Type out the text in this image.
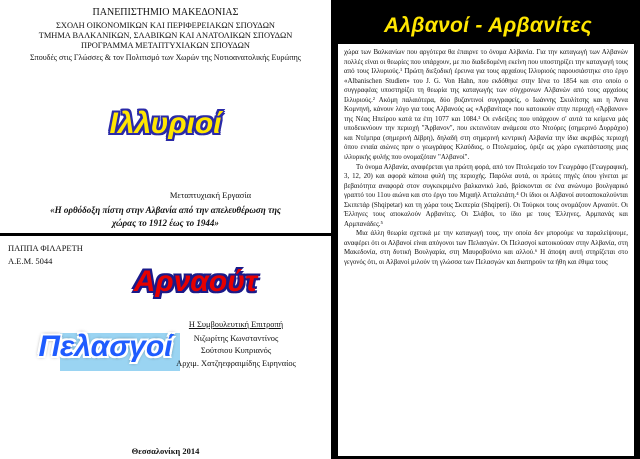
ΠΑΝΕΠΙΣΤΗΜΙΟ ΜΑΚΕΔΟΝΙΑΣ
ΣΧΟΛΗ ΟΙΚΟΝΟΜΙΚΩΝ ΚΑΙ ΠΕΡΙΦΕΡΕΙΑΚΩΝ ΣΠΟΥΔΩΝ
ΤΜΗΜΑ ΒΑΛΚΑΝΙΚΩΝ, ΣΛΑΒΙΚΩΝ ΚΑΙ ΑΝΑΤΟΛΙΚΩΝ ΣΠΟΥΔΩΝ
ΠΡΟΓΡΑΜΜΑ ΜΕΤΑΠΤΥΧΙΑΚΩΝ ΣΠΟΥΔΩΝ
Σπουδές στις Γλώσσες & τον Πολιτισμό των Χωρών της Νοτιοανατολικής Ευρώπης
Ιλλυριοί
Μεταπτυχιακή Εργασία
«Η ορθόδοξη πίστη στην Αλβανία από την απελευθέρωση της
χώρας το 1912 έως το 1944»
ΠΑΠΠΑ ΦΙΛΑΡΕΤΗ
Α.Ε.Μ. 5044
Αρναούτ
Πελασγοί
Η Συμβουλευτική Επιτροπή
Νιζωρίτης Κωνσταντίνος
Σούτσιου Κυπριανός
Αρχιμ. Χατζηεφραιμίδης Ειρηναίος
Θεσσαλονίκη 2014
Αλβανοί - Αρβανίτες

χώρα των Βαλκανίων που αργότερα θα έπαιρνε το όνομα Αλβανία. Για την καταγωγή των Αλβανών πολλές είναι οι θεωρίες που υπάρχουν, με πιο διαδεδομένη εκείνη που υποστηρίζει την καταγωγή τους από τους Ιλλυριούς.¹ Πρώτη διεξοδική έρευνα για τους αρχαίους Ιλλυριούς παρουσιάστηκε στο έργο «Albanischen Studien» του J. G. Von Hahn, που εκδόθηκε στην Ιένα το 1854 και στο οποίο ο συγγραφέας υποστηρίζει τη θεωρία της καταγωγής των σύγχρονων Αλβανών από τους αρχαίους Ιλλυριούς.² Ακόμη παλαιότερα, δύο βυζαντινοί συγγραφείς, ο Ιωάννης Σκυλίτσης και η Άννα Κομνηνή, κάνουν λόγο για τους Αλβανούς ως «Αρβανίτας» που κατοικούν στην περιοχή «Άρβανον» της Νέας Ηπείρου κατά τα έτη 1077 και 1084.³ Οι ενδείξεις που υπάρχουν σ' αυτά τα κείμενα μάς υποδεικνύουν την περιοχή "Άρβανον", που εκτεινόταν ανάμεσα στο Ντούρες (σημερινό Δυρράχιο) και Ντέμπρα (σημερινή Δίβρη), δηλαδή στη σημερινή κεντρική Αλβανία την ίδια ακριβώς περιοχή όπου ενιαία αιώνες πριν ο γεωγράφος Κλαύδιος, ο Πτολεμαίος, όριζε ως χώρο εγκατάστασης μιας ιλλυρικής φυλής που ονομαζόταν "Αλβανοί".

Το όνομα Αλβανία, αναφέρεται για πρώτη φορά, από τον Πτολεμαίο τον Γεωγράφο (Γεωγραφική, 3, 12, 20) και αφορά κάποια φυλή της περιοχής. Παρόλα αυτά, οι πρώτες πηγές όπου γίνεται με βεβαιότητα αναφορά στον συγκεκριμένο βαλκανικό λαό, βρίσκονται σε ένα ανώνυμο βουλγαρικό γραπτό του 11ου αιώνα και στο έργο του Μιχαήλ Ατταλειάτη.⁴ Οι ίδιοι οι Αλβανοί αυτοαποκαλούνται Σκιπετάρ (Shqipetar) και τη χώρα τους Σκιπερία (Shqiperi). Οι Τούρκοι τους ονομάζουν Αρναούτ. Οι Έλληνες τους αποκαλούν Αρβανίτες. Οι Σλάβοι, το ίδιο με τους Έλληνες, Αρμπανάς και Αρμπανάδες.⁵

Μια άλλη θεωρία σχετικά με την καταγωγή τους, την οποία δεν μπορούμε να παραλείψουμε, αναφέρει ότι οι Αλβανοί είναι απόγονοι των Πελασγών. Οι Πελασγοί κατοικούσαν στην Αλβανία, στη Μακεδονία, στη δυτική Βουλγαρία, στη Μαυροβούνιο και αλλού.⁶ Η άποψη αυτή στηρίζεται στο γεγονός ότι, οι Αλβανοί μιλούν τη γλώσσα των Πελασγών και διατηρούν τα ήθη και έθιμα τους

imgflip.com
